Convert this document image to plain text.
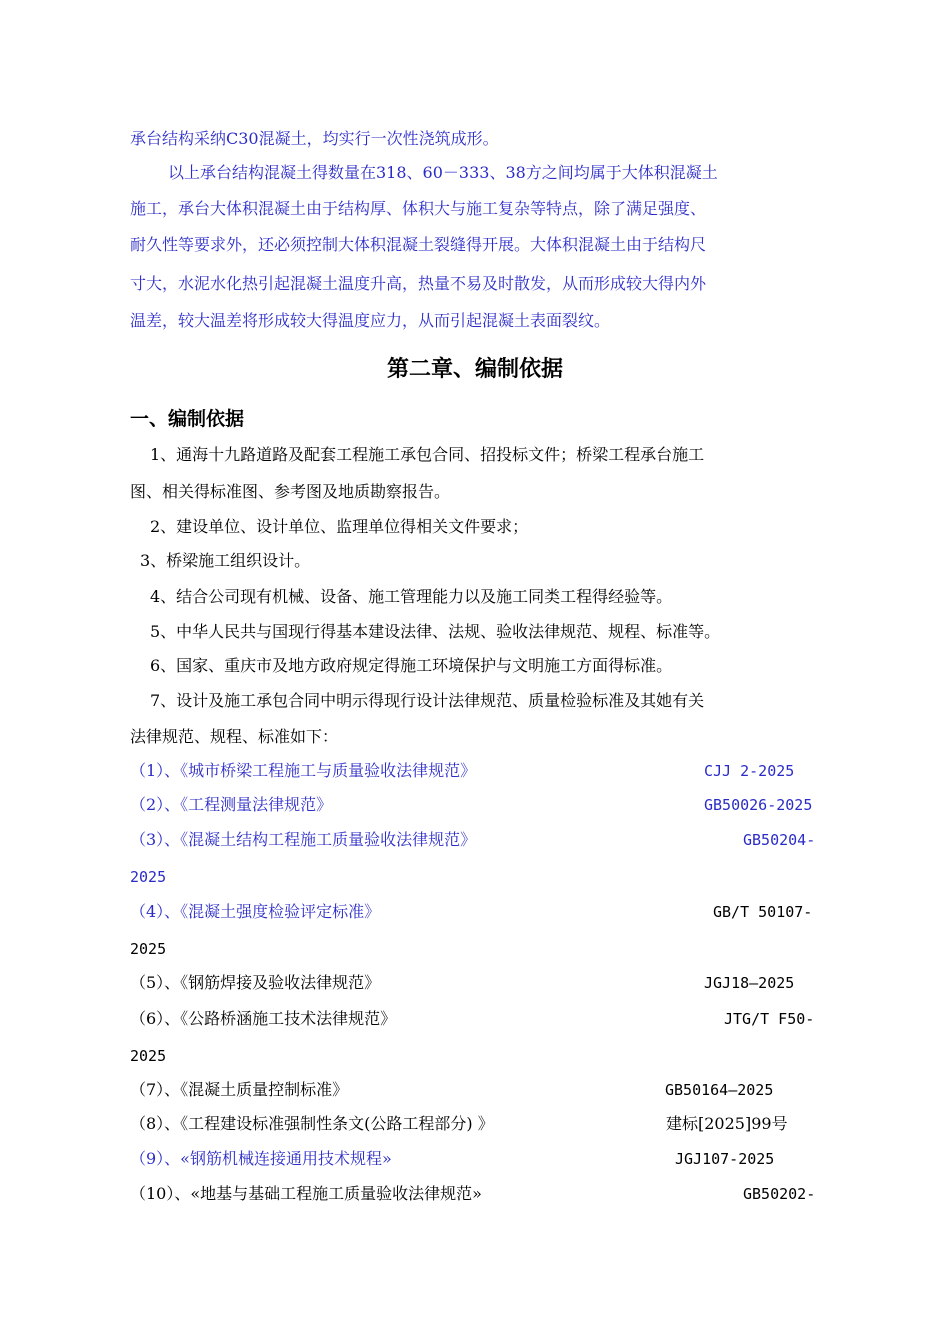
承台结构采纳C30混凝土，均实行一次性浇筑成形。
以上承台结构混凝土得数量在318、60－333、38方之间均属于大体积混凝土
施工，承台大体积混凝土由于结构厚、体积大与施工复杂等特点，除了满足强度、
耐久性等要求外，还必须控制大体积混凝土裂缝得开展。大体积混凝土由于结构尺
寸大，水泥水化热引起混凝土温度升高，热量不易及时散发，从而形成较大得内外
温差，较大温差将形成较大得温度应力，从而引起混凝土表面裂纹。
第二章、编制依据
一、编制依据
1、通海十九路道路及配套工程施工承包合同、招投标文件；桥梁工程承台施工
图、相关得标准图、参考图及地质勘察报告。
2、建设单位、设计单位、监理单位得相关文件要求；
3、桥梁施工组织设计。
4、结合公司现有机械、设备、施工管理能力以及施工同类工程得经验等。
5、中华人民共与国现行得基本建设法律、法规、验收法律规范、规程、标准等。
6、国家、重庆市及地方政府规定得施工环境保护与文明施工方面得标准。
7、设计及施工承包合同中明示得现行设计法律规范、质量检验标准及其她有关
法律规范、规程、标准如下：
（1）、《城市桥梁工程施工与质量验收法律规范》	CJJ 2-2025
（2）、《工程测量法律规范》	GB50026-2025
（3）、《混凝土结构工程施工质量验收法律规范》	GB50204-
2025
（4）、《混凝土强度检验评定标准》	GB/T 50107-
2025
（5）、《钢筋焊接及验收法律规范》	JGJ18—2025
（6）、《公路桥涵施工技术法律规范》	JTG/T F50-
2025
（7）、《混凝土质量控制标准》	GB50164—2025
（8）、《工程建设标准强制性条文(公路工程部分) 》	建标[2025]99号
（9）、«钢筋机械连接通用技术规程»	JGJ107-2025
（10）、«地基与基础工程施工质量验收法律规范»	GB50202-
